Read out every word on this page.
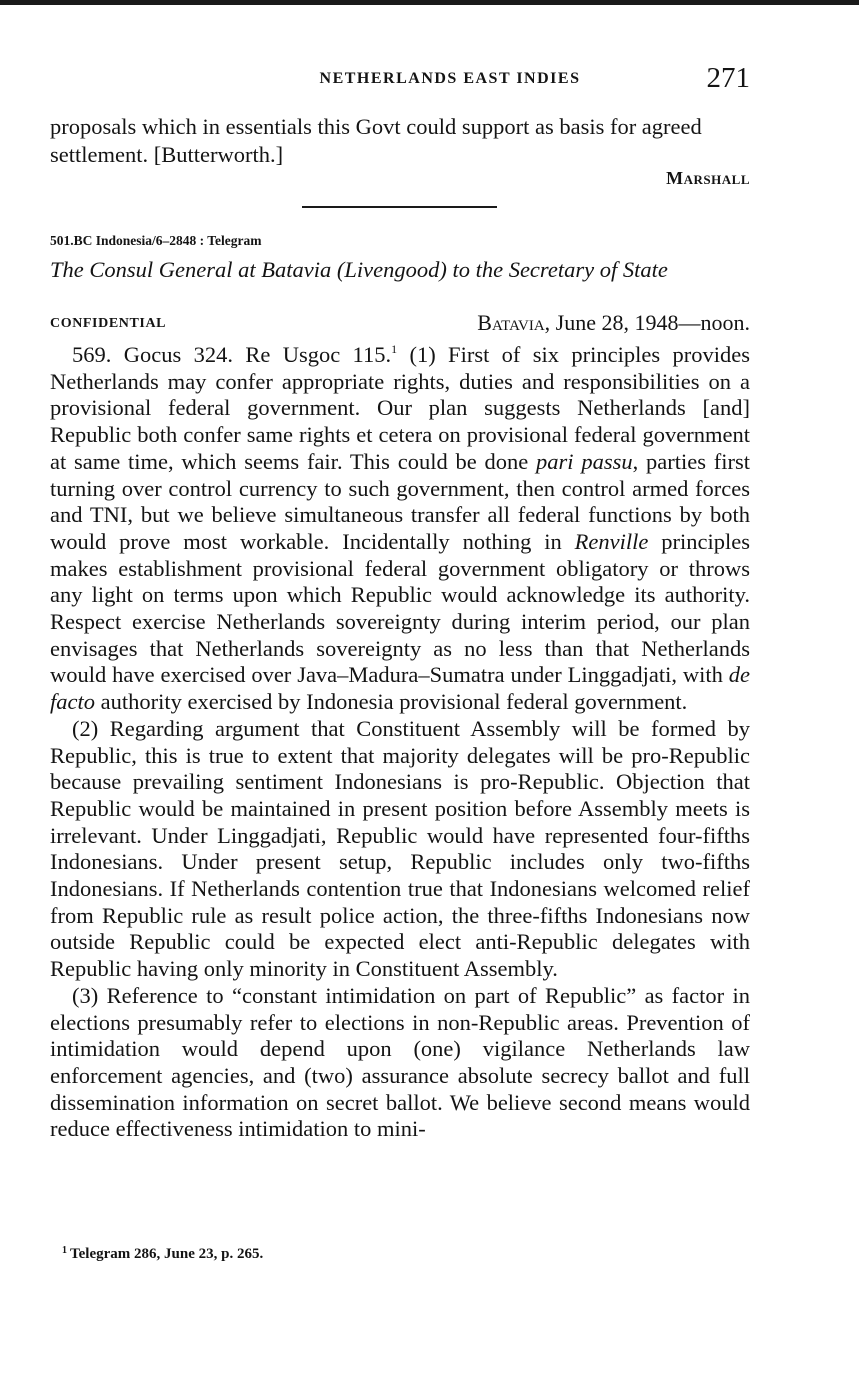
NETHERLANDS EAST INDIES	271

proposals which in essentials this Govt could support as basis for agreed settlement. [Butterworth.]

Marshall
501.BC Indonesia/6–2848 : Telegram
The Consul General at Batavia (Livengood) to the Secretary of State
CONFIDENTIAL	Batavia, June 28, 1948—noon.

569. Gocus 324. Re Usgoc 115.$^1$ (1) First of six principles provides Netherlands may confer appropriate rights, duties and responsibilities on a provisional federal government. Our plan suggests Netherlands [and] Republic both confer same rights et cetera on provisional federal government at same time, which seems fair. This could be done pari passu, parties first turning over control currency to such government, then control armed forces and TNI, but we believe simultaneous transfer all federal functions by both would prove most workable. Incidentally nothing in Renville principles makes establishment provisional federal government obligatory or throws any light on terms upon which Republic would acknowledge its authority. Respect exercise Netherlands sovereignty during interim period, our plan envisages that Netherlands sovereignty as no less than that Netherlands would have exercised over Java–Madura–Sumatra under Linggadjati, with de facto authority exercised by Indonesia provisional federal government.

(2) Regarding argument that Constituent Assembly will be formed by Republic, this is true to extent that majority delegates will be pro-Republic because prevailing sentiment Indonesians is pro-Republic. Objection that Republic would be maintained in present position before Assembly meets is irrelevant. Under Linggadjati, Republic would have represented four-fifths Indonesians. Under present setup, Republic includes only two-fifths Indonesians. If Netherlands contention true that Indonesians welcomed relief from Republic rule as result police action, the three-fifths Indonesians now outside Republic could be expected elect anti-Republic delegates with Republic having only minority in Constituent Assembly.

(3) Reference to “constant intimidation on part of Republic” as factor in elections presumably refer to elections in non-Republic areas. Prevention of intimidation would depend upon (one) vigilance Netherlands law enforcement agencies, and (two) assurance absolute secrecy ballot and full dissemination information on secret ballot. We believe second means would reduce effectiveness intimidation to mini-

$^1$ Telegram 286, June 23, p. 265.
